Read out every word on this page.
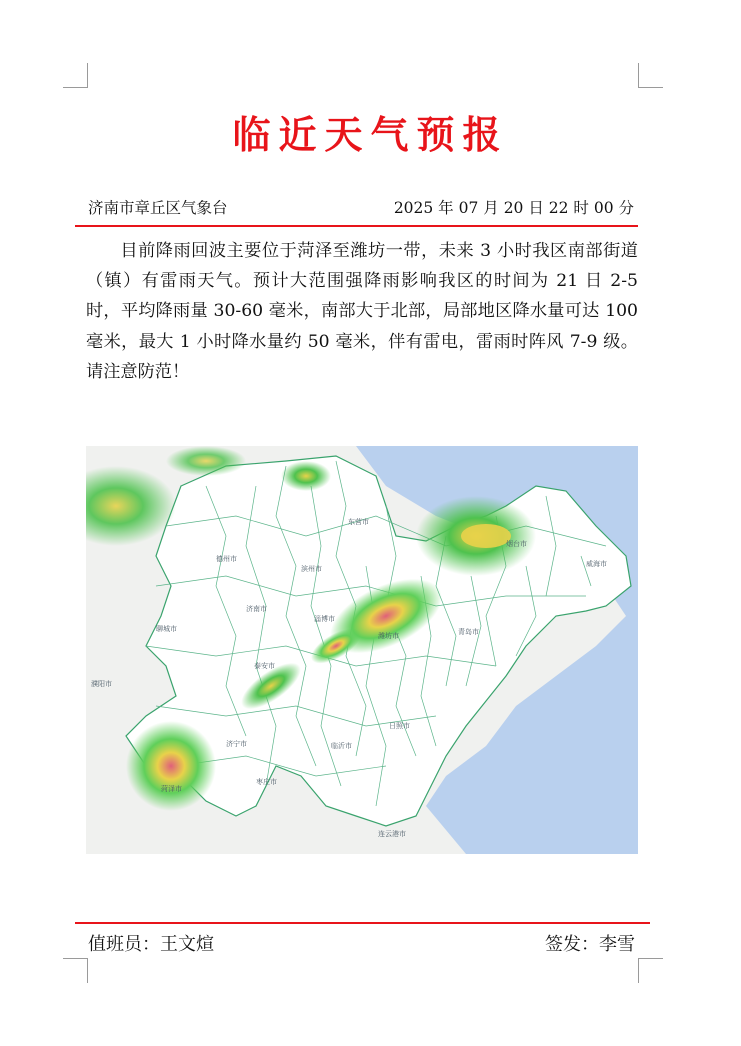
临近天气预报
济南市章丘区气象台	2025 年 07 月 20 日 22 时 00 分

目前降雨回波主要位于菏泽至潍坊一带，未来 3 小时我区南部街道（镇）有雷雨天气。预计大范围强降雨影响我区的时间为 21 日 2-5 时，平均降雨量 30-60 毫米，南部大于北部，局部地区降水量可达 100 毫米，最大 1 小时降水量约 50 毫米，伴有雷电，雷雨时阵风 7-9 级。请注意防范！

东营市
德州市
滨州市
聊城市
淄博市
潍坊市
烟台市
威海市
青岛市
济南市
泰安市
日照市
临沂市
菏泽市
济宁市
枣庄市
濮阳市
连云港市
值班员：王文煊	签发：李雪
